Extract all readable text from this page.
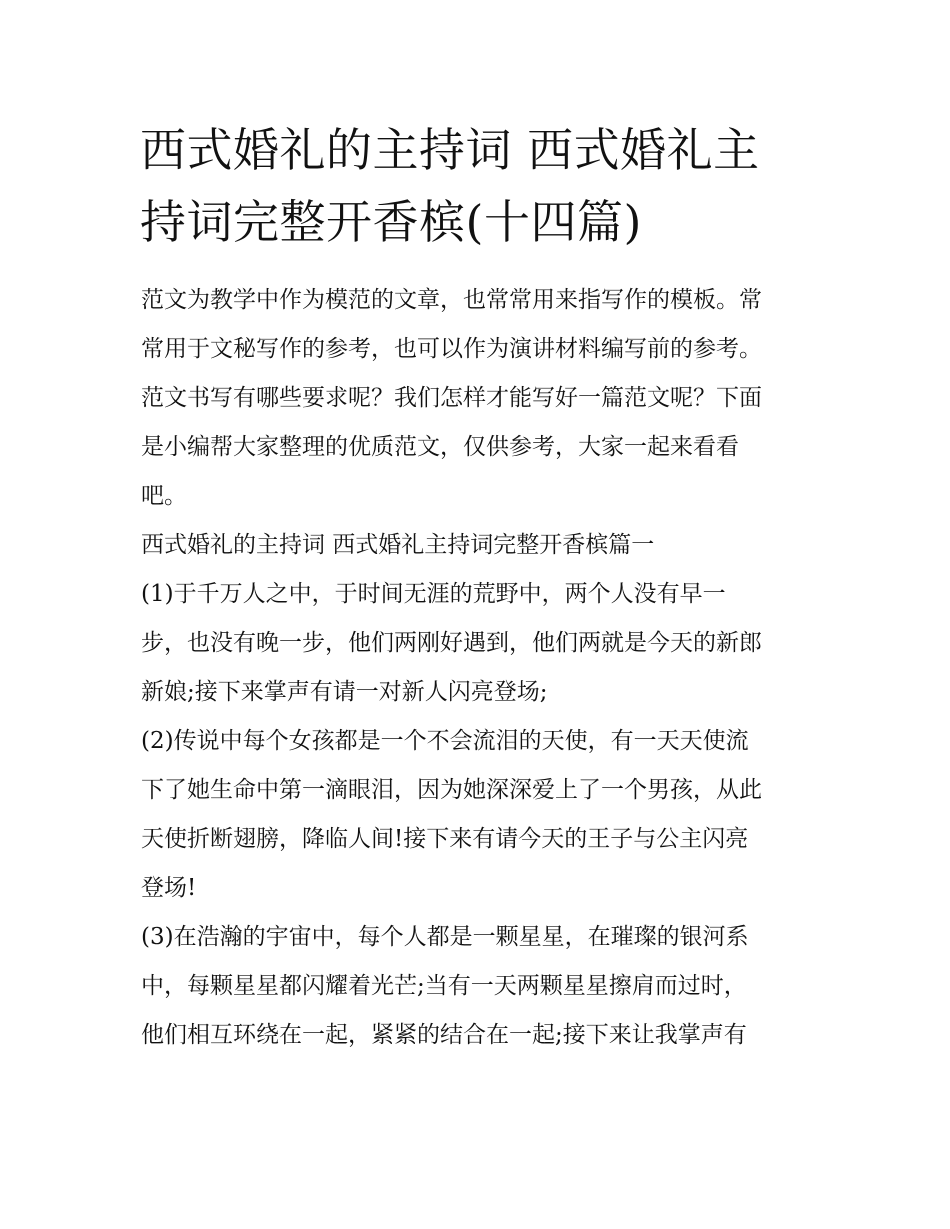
西式婚礼的主持词 西式婚礼主
持词完整开香槟(十四篇)
范文为教学中作为模范的文章，也常常用来指写作的模板。常
常用于文秘写作的参考，也可以作为演讲材料编写前的参考。
范文书写有哪些要求呢？我们怎样才能写好一篇范文呢？下面
是小编帮大家整理的优质范文，仅供参考，大家一起来看看
吧。
西式婚礼的主持词 西式婚礼主持词完整开香槟篇一
(1)于千万人之中，于时间无涯的荒野中，两个人没有早一
步，也没有晚一步，他们两刚好遇到，他们两就是今天的新郎
新娘;接下来掌声有请一对新人闪亮登场;
(2)传说中每个女孩都是一个不会流泪的天使，有一天天使流
下了她生命中第一滴眼泪，因为她深深爱上了一个男孩，从此
天使折断翅膀，降临人间!接下来有请今天的王子与公主闪亮
登场!
(3)在浩瀚的宇宙中，每个人都是一颗星星，在璀璨的银河系
中，每颗星星都闪耀着光芒;当有一天两颗星星擦肩而过时，
他们相互环绕在一起，紧紧的结合在一起;接下来让我掌声有
